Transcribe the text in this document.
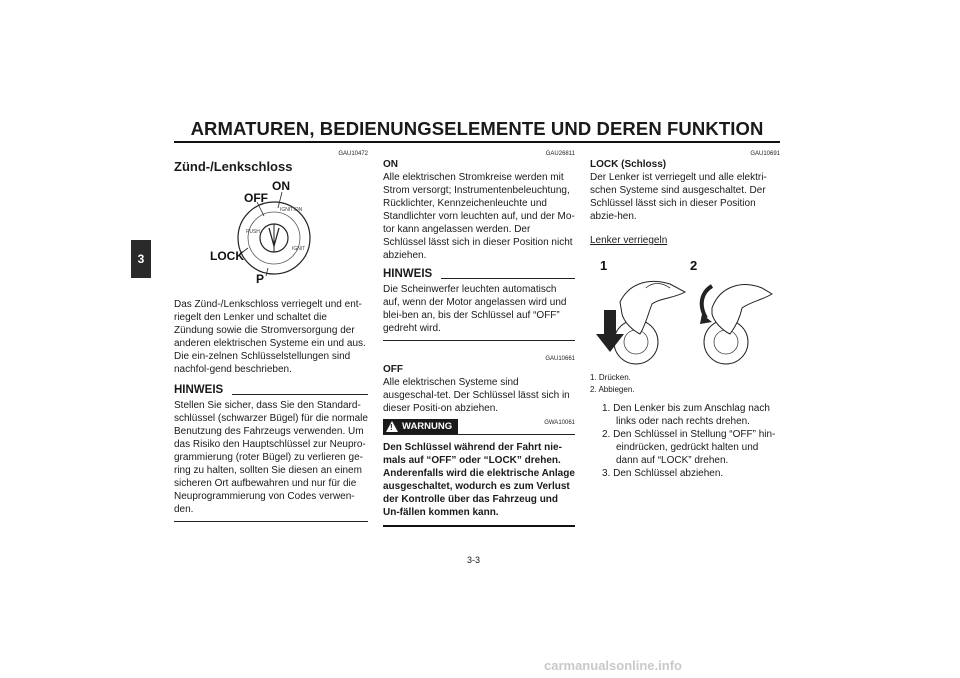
ARMATUREN, BEDIENUNGSELEMENTE UND DEREN FUNKTION
3
GAU10472
Zünd-/Lenkschloss
IGNITION
IGNIT
PUSH
ON
OFF
LOCK
P

Das Zünd-/Lenkschloss verriegelt und ent-riegelt den Lenker und schaltet die Zündung sowie die Stromversorgung der anderen elektrischen Systeme ein und aus. Die ein-zelnen Schlüsselstellungen sind nachfol-gend beschrieben.

HINWEIS

Stellen Sie sicher, dass Sie den Standard-schlüssel (schwarzer Bügel) für die normale Benutzung des Fahrzeugs verwenden. Um das Risiko den Hauptschlüssel zur Neupro-grammierung (roter Bügel) zu verlieren ge-ring zu halten, sollten Sie diesen an einem sicheren Ort aufbewahren und nur für die Neuprogrammierung von Codes verwen-den.

GAU26811
ON

Alle elektrischen Stromkreise werden mit Strom versorgt; Instrumentenbeleuchtung, Rücklichter, Kennzeichenleuchte und Standlichter vorn leuchten auf, und der Mo-tor kann angelassen werden. Der Schlüssel lässt sich in dieser Position nicht abziehen.

HINWEIS

Die Scheinwerfer leuchten automatisch auf, wenn der Motor angelassen wird und blei-ben an, bis der Schlüssel auf “OFF” gedreht wird.

GAU10661
OFF

Alle elektrischen Systeme sind ausgeschal-tet. Der Schlüssel lässt sich in dieser Positi-on abziehen.

! WARNUNG	GWA10061
Den Schlüssel während der Fahrt nie-mals auf “OFF” oder “LOCK” drehen. Anderenfalls wird die elektrische Anlage ausgeschaltet, wodurch es zum Verlust der Kontrolle über das Fahrzeug und Un-fällen kommen kann.
GAU10691
LOCK (Schloss)

Der Lenker ist verriegelt und alle elektri-schen Systeme sind ausgeschaltet. Der Schlüssel lässt sich in dieser Position abzie-hen.

Lenker verriegeln
1	2
1. Drücken.
2. Abbiegen.
1. Den Lenker bis zum Anschlag nach links oder nach rechts drehen.
2. Den Schlüssel in Stellung “OFF” hin-eindrücken, gedrückt halten und dann auf “LOCK” drehen.
3. Den Schlüssel abziehen.
3-3
carmanualsonline.info
